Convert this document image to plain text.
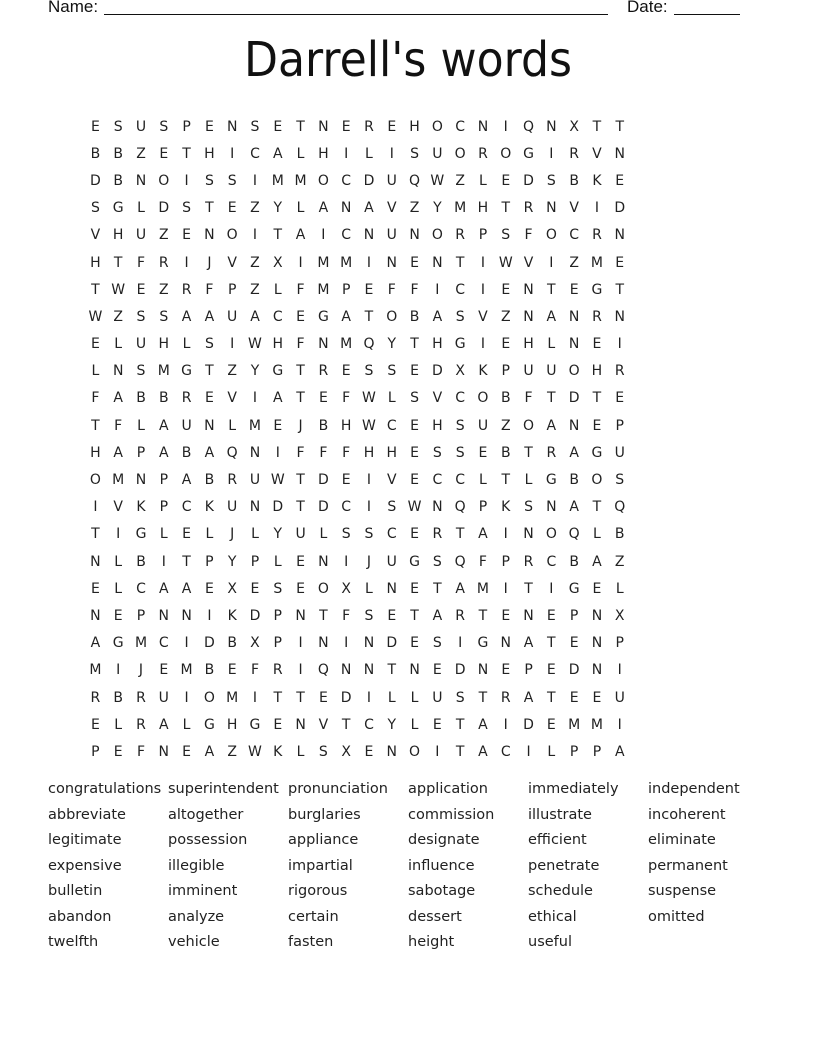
Name:	Date:
Darrell's words
E S U S	P	E N S E	T N E R E H O C N	I	Q N X T	T
B B Z E	T H	I	C A	L H	I	L	I	S U O R O G	I	R V N
D B N O	I	S S	I	M M O C D U Q W Z	L	E D S B K E
S G L D S	T	E Z Y	L	A N A V Z Y M H T R N V	I	D
V H U Z E N O	I	T A	I	C N U N O R P	S	F O C R N
H T	F R	I	J	V Z X	I	M M	I	N E N T	I W V	I	Z M E
T W E Z R F	P Z	L	F M P	E	F	F	I	C	I	E N T	E G T
W Z S S A A U A C E G A T O B A S V Z N A N R N
E	L U H L	S	I W H F N M Q Y	T H G	I	E H L N E	I
L N S M G T Z Y G T R E S S E D X K P U U O H R
F A B B R E V	I	A T	E	F W L	S V C O B F	T D T	E
T	F	L	A U N L M E	J	B H W C E H S U Z O A N E	P
H A P A B A Q N	I	F	F	F H H E S S E B T R A G U
O M N P A B R U W T D E	I	V E C C	L	T	L G B O S
I	V K P C K U N D T D C	I	S W N Q P K S N A T Q
T	I	G L	E	L	J	L	Y U L	S S C E R T A	I	N O Q L	B
N L	B	I	T	P	Y	P	L	E N	I	J	U G S Q F	P R C B A Z
E	L	C A A E X E S E O X	L N E	T A M	I	T	I	G E	L
N E	P N N	I	K D P N T	F	S E	T A R T	E N E	P N X
A G M C	I	D B X P	I	N	I	N D E S	I	G N A T	E N P
M	I	J	E M B E	F R	I	Q N N T N E D N E	P	E D N	I
R B R U	I	O M	I	T	T	E D	I	L	L U S	T R A T	E E U
E	L	R A	L G H G E N V T C Y	L	E	T A	I	D E M M	I
P	E	F N E A Z W K	L	S X E N O	I	T A C	I	L	P	P A
congratulations superintendent pronunciation	application	immediately	independent
abbreviate	altogether	burglaries	commission	illustrate	incoherent
legitimate	possession	appliance	designate	efficient	eliminate
expensive	illegible	impartial	influence	penetrate	permanent
bulletin	imminent	rigorous	sabotage	schedule	suspense
abandon	analyze	certain	dessert	ethical	omitted
twelfth	vehicle	fasten	height	useful
